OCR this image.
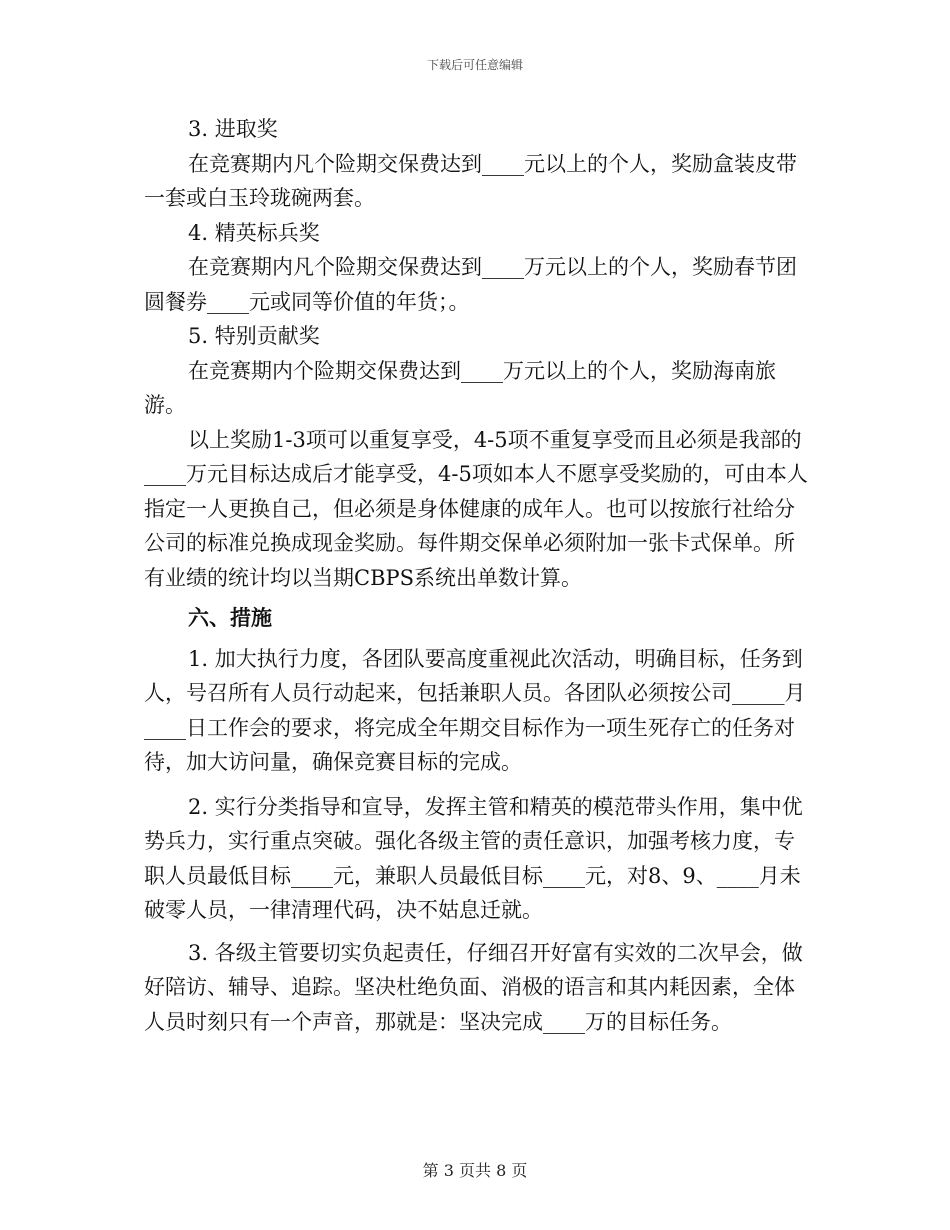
下载后可任意编辑
3. 进取奖

在竞赛期内凡个险期交保费达到____元以上的个人，奖励盒装皮带一套或白玉玲珑碗两套。

4. 精英标兵奖

在竞赛期内凡个险期交保费达到____万元以上的个人，奖励春节团圆餐券____元或同等价值的年货；。

5. 特别贡献奖

在竞赛期内个险期交保费达到____万元以上的个人，奖励海南旅游。

以上奖励1-3项可以重复享受，4-5项不重复享受而且必须是我部的____万元目标达成后才能享受，4-5项如本人不愿享受奖励的，可由本人指定一人更换自己，但必须是身体健康的成年人。也可以按旅行社给分公司的标准兑换成现金奖励。每件期交保单必须附加一张卡式保单。所有业绩的统计均以当期CBPS系统出单数计算。

六、措施

1. 加大执行力度，各团队要高度重视此次活动，明确目标，任务到人，号召所有人员行动起来，包括兼职人员。各团队必须按公司_____月____日工作会的要求，将完成全年期交目标作为一项生死存亡的任务对待，加大访问量，确保竞赛目标的完成。

2. 实行分类指导和宣导，发挥主管和精英的模范带头作用，集中优势兵力，实行重点突破。强化各级主管的责任意识，加强考核力度，专职人员最低目标____元，兼职人员最低目标____元，对8、9、____月未破零人员，一律清理代码，决不姑息迁就。

3. 各级主管要切实负起责任，仔细召开好富有实效的二次早会，做好陪访、辅导、追踪。坚决杜绝负面、消极的语言和其内耗因素，全体人员时刻只有一个声音，那就是：坚决完成____万的目标任务。

第 3 页共 8 页
